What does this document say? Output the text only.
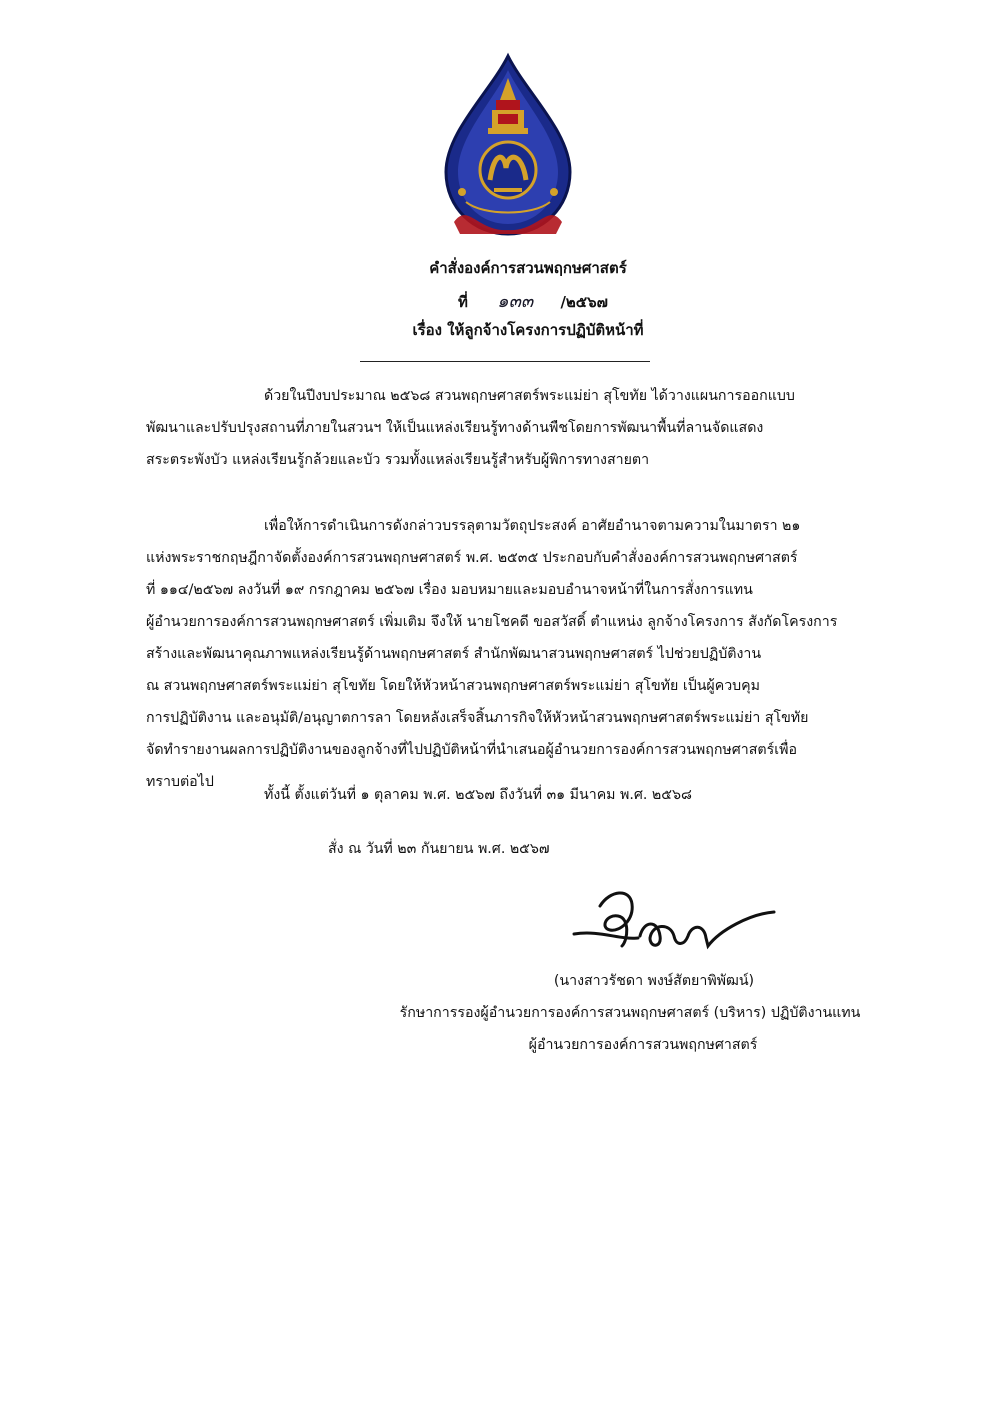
คำสั่งองค์การสวนพฤกษศาสตร์
ที่ ๑๓๓ /๒๕๖๗
เรื่อง ให้ลูกจ้างโครงการปฏิบัติหน้าที่
ด้วยในปีงบประมาณ ๒๕๖๘ สวนพฤกษศาสตร์พระแม่ย่า สุโขทัย ได้วางแผนการออกแบบ
พัฒนาและปรับปรุงสถานที่ภายในสวนฯ ให้เป็นแหล่งเรียนรู้ทางด้านพืชโดยการพัฒนาพื้นที่ลานจัดแสดง
สระตระพังบัว แหล่งเรียนรู้กล้วยและบัว รวมทั้งแหล่งเรียนรู้สำหรับผู้พิการทางสายตา
เพื่อให้การดำเนินการดังกล่าวบรรลุตามวัตถุประสงค์ อาศัยอำนาจตามความในมาตรา ๒๑
แห่งพระราชกฤษฎีกาจัดตั้งองค์การสวนพฤกษศาสตร์ พ.ศ. ๒๕๓๕ ประกอบกับคำสั่งองค์การสวนพฤกษศาสตร์
ที่ ๑๑๔/๒๕๖๗ ลงวันที่ ๑๙ กรกฎาคม ๒๕๖๗ เรื่อง มอบหมายและมอบอำนาจหน้าที่ในการสั่งการแทน
ผู้อำนวยการองค์การสวนพฤกษศาสตร์ เพิ่มเติม จึงให้ นายโชคดี ขอสวัสดิ์ ตำแหน่ง ลูกจ้างโครงการ สังกัดโครงการ
สร้างและพัฒนาคุณภาพแหล่งเรียนรู้ด้านพฤกษศาสตร์ สำนักพัฒนาสวนพฤกษศาสตร์ ไปช่วยปฏิบัติงาน
ณ สวนพฤกษศาสตร์พระแม่ย่า สุโขทัย โดยให้หัวหน้าสวนพฤกษศาสตร์พระแม่ย่า สุโขทัย เป็นผู้ควบคุม
การปฏิบัติงาน และอนุมัติ/อนุญาตการลา โดยหลังเสร็จสิ้นภารกิจให้หัวหน้าสวนพฤกษศาสตร์พระแม่ย่า สุโขทัย
จัดทำรายงานผลการปฏิบัติงานของลูกจ้างที่ไปปฏิบัติหน้าที่นำเสนอผู้อำนวยการองค์การสวนพฤกษศาสตร์เพื่อ
ทราบต่อไป
ทั้งนี้ ตั้งแต่วันที่ ๑ ตุลาคม พ.ศ. ๒๕๖๗ ถึงวันที่ ๓๑ มีนาคม พ.ศ. ๒๕๖๘
สั่ง ณ วันที่ ๒๓ กันยายน พ.ศ. ๒๕๖๗
(นางสาวรัชดา พงษ์สัตยาพิพัฒน์)
รักษาการรองผู้อำนวยการองค์การสวนพฤกษศาสตร์ (บริหาร) ปฏิบัติงานแทน
ผู้อำนวยการองค์การสวนพฤกษศาสตร์
